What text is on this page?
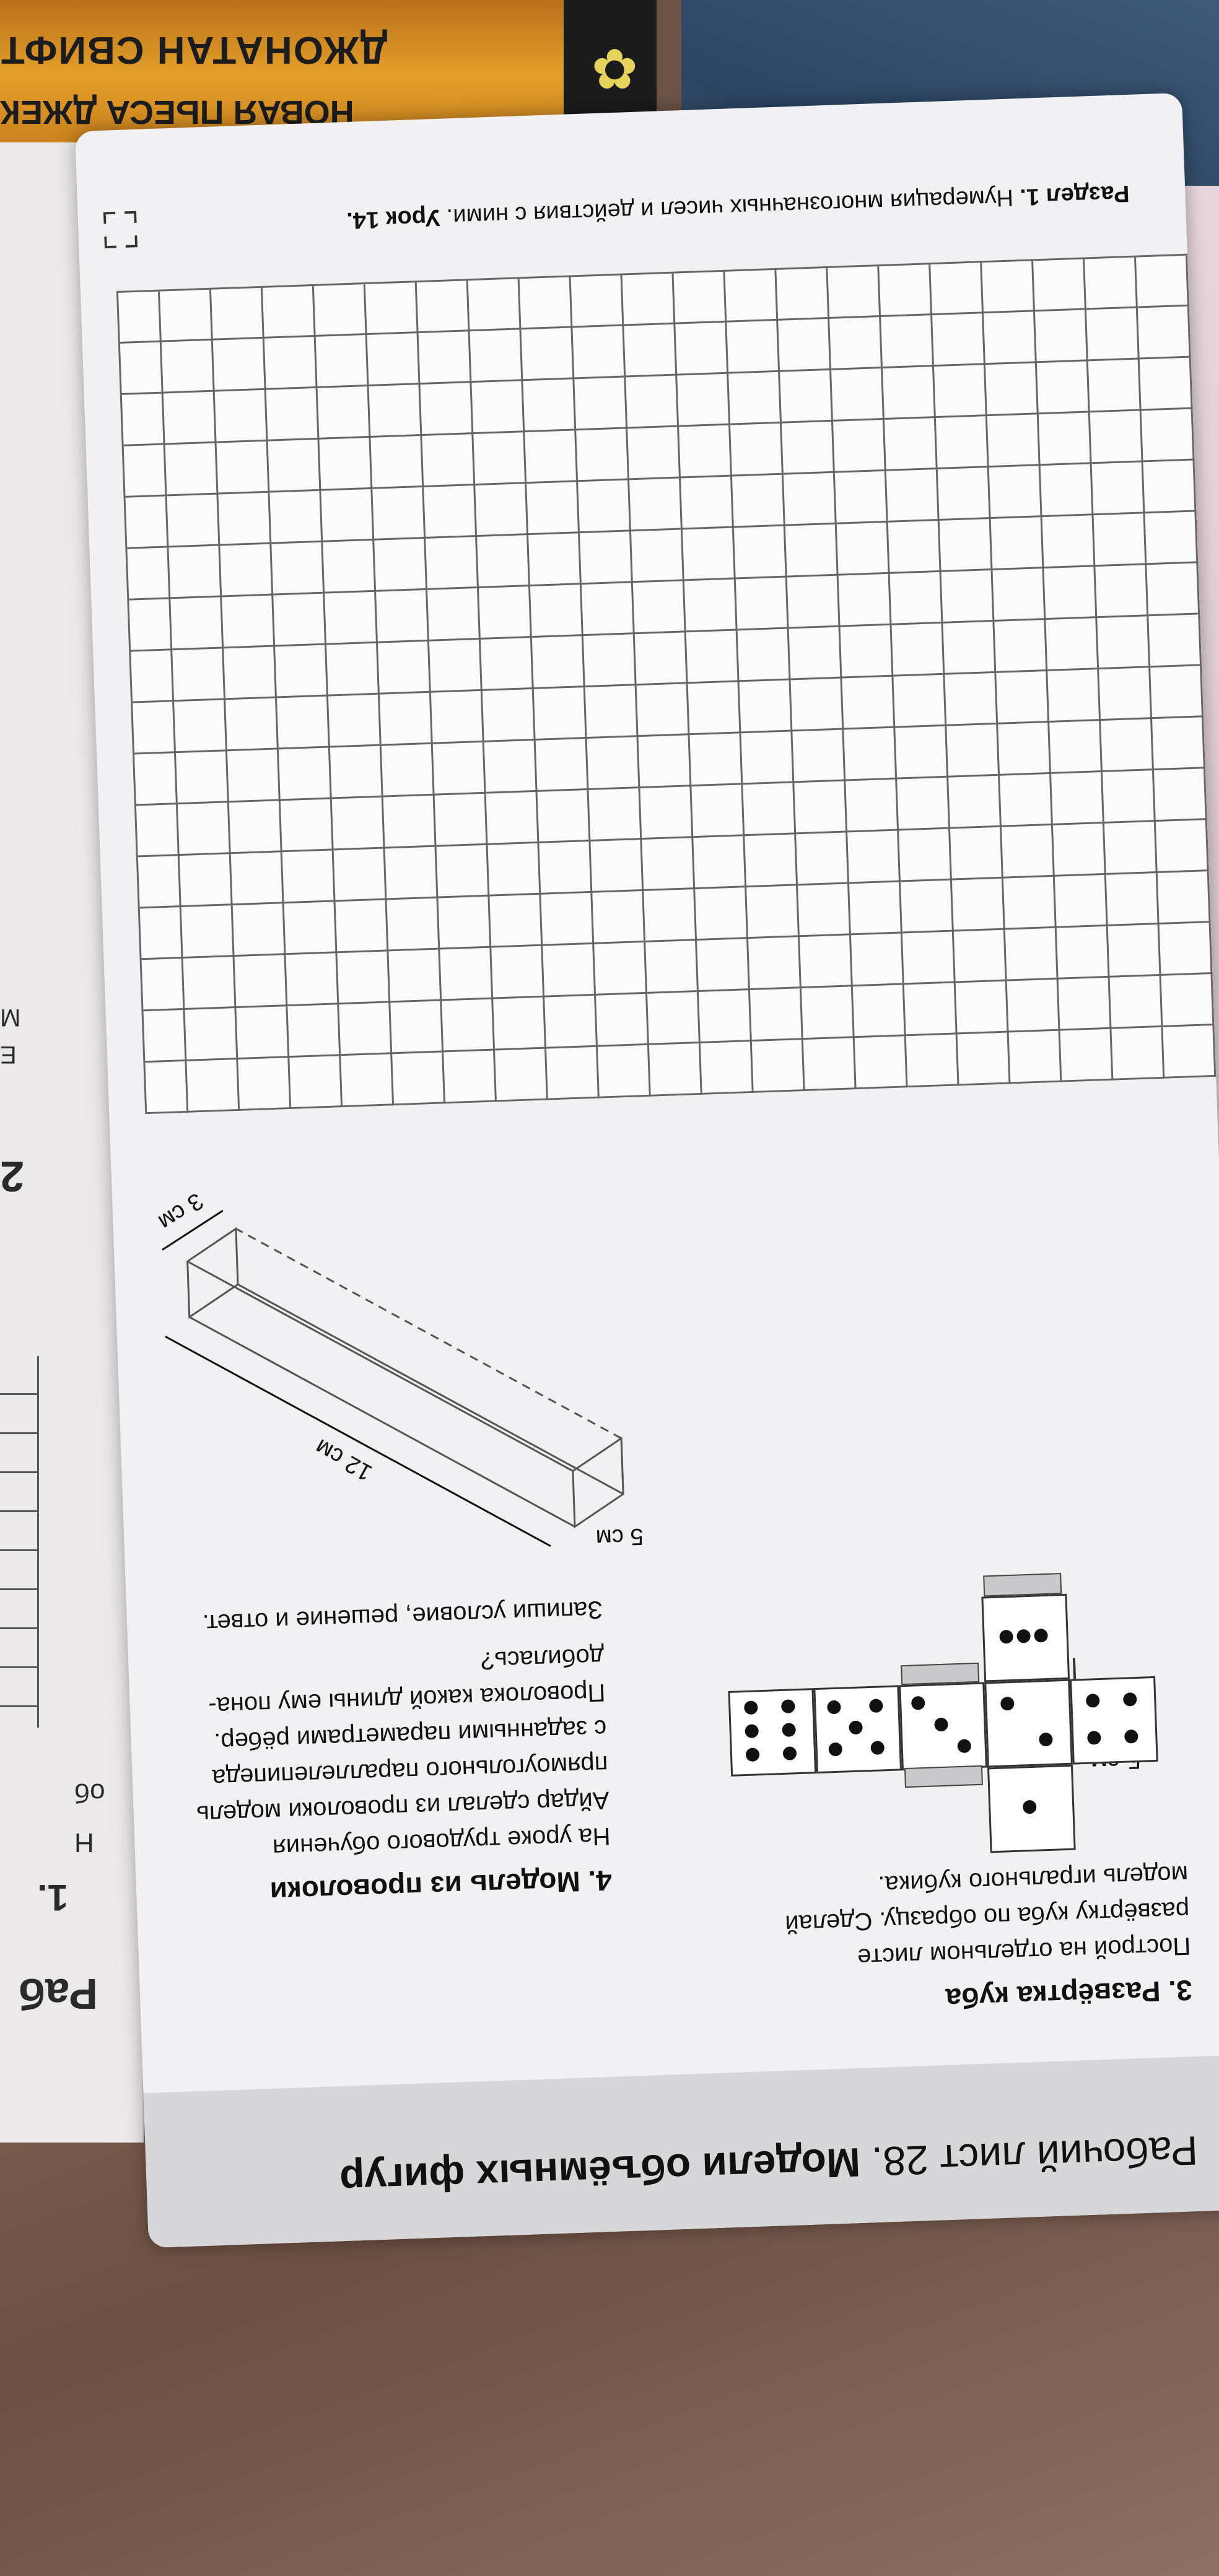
✿
ДЖОНАТАН СВИФТ
НОВАЯ ПЬЕСА ДЖЕК
Раб
1.
Н
об
2
Е
М
Рабочий лист 28. Модели объёмных фигур
3. Развёртка куба
Построй на отдельном листе
развёртку куба по образцу. Сделай
модель игрального кубика.
4. Модель из проволоки
На уроке трудового обучения
Айдар сделал из проволоки модель
прямоугольного параллелепипеда
с заданными параметрами рёбер.
Проволока какой длины ему пона-
добилась?
Запиши условие, решение и ответ.
5 см
12 см
3 см
Раздел 1. Нумерация многозначных чисел и действия с ними. Урок 14.
⛶
